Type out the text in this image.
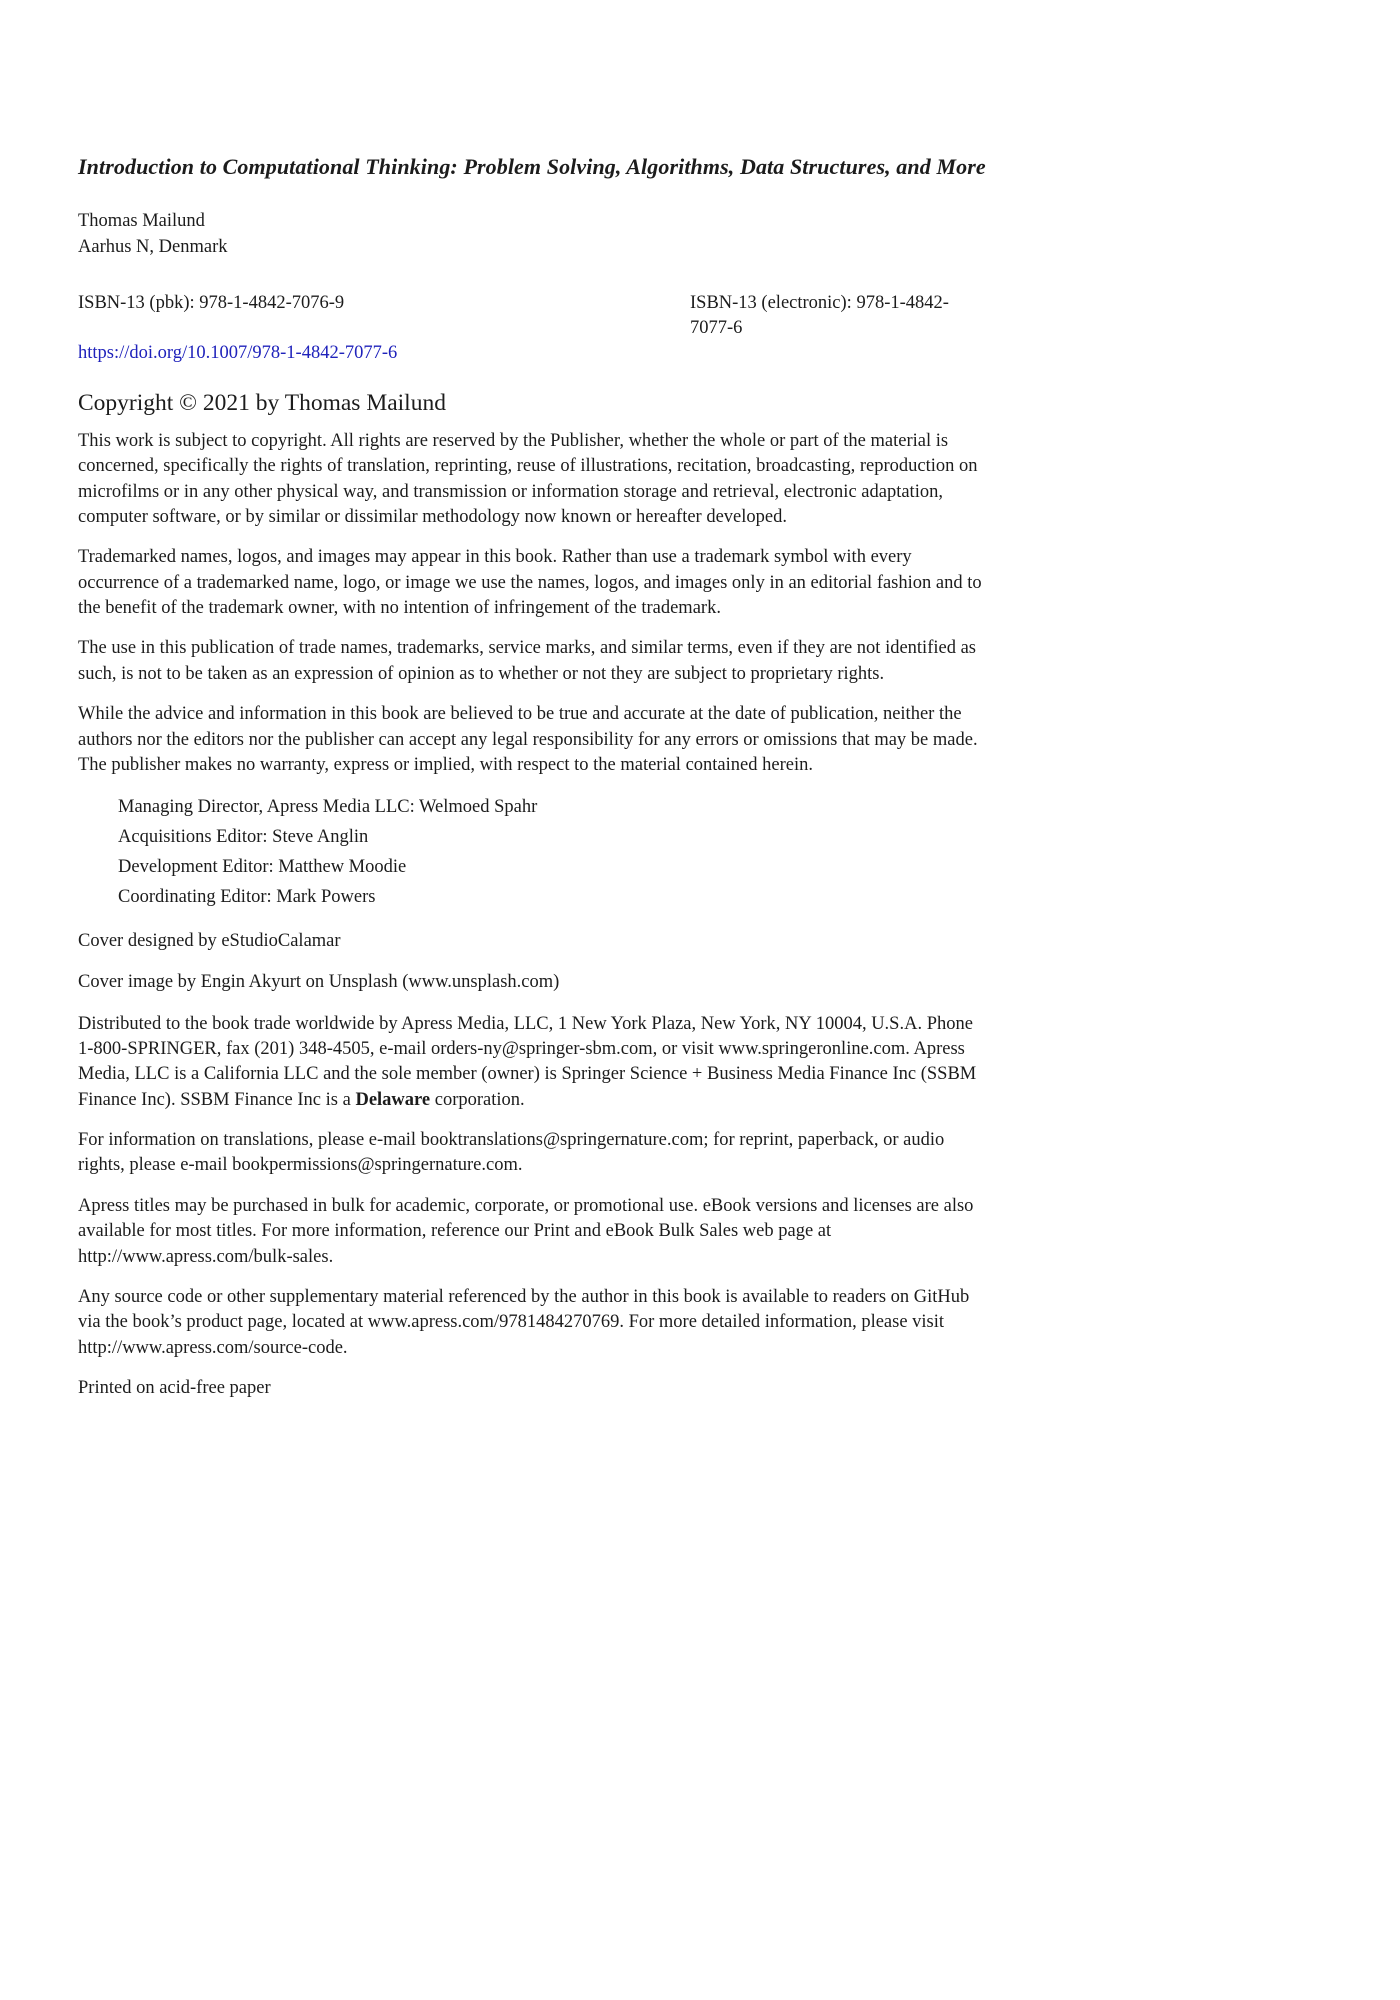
Introduction to Computational Thinking: Problem Solving, Algorithms, Data Structures, and More
Thomas Mailund
Aarhus N, Denmark
ISBN-13 (pbk): 978-1-4842-7076-9	ISBN-13 (electronic): 978-1-4842-7077-6
https://doi.org/10.1007/978-1-4842-7077-6
Copyright © 2021 by Thomas Mailund

This work is subject to copyright. All rights are reserved by the Publisher, whether the whole or part of the material is concerned, specifically the rights of translation, reprinting, reuse of illustrations, recitation, broadcasting, reproduction on microfilms or in any other physical way, and transmission or information storage and retrieval, electronic adaptation, computer software, or by similar or dissimilar methodology now known or hereafter developed.

Trademarked names, logos, and images may appear in this book. Rather than use a trademark symbol with every occurrence of a trademarked name, logo, or image we use the names, logos, and images only in an editorial fashion and to the benefit of the trademark owner, with no intention of infringement of the trademark.

The use in this publication of trade names, trademarks, service marks, and similar terms, even if they are not identified as such, is not to be taken as an expression of opinion as to whether or not they are subject to proprietary rights.

While the advice and information in this book are believed to be true and accurate at the date of publication, neither the authors nor the editors nor the publisher can accept any legal responsibility for any errors or omissions that may be made. The publisher makes no warranty, express or implied, with respect to the material contained herein.

Managing Director, Apress Media LLC: Welmoed Spahr
Acquisitions Editor: Steve Anglin
Development Editor: Matthew Moodie
Coordinating Editor: Mark Powers

Cover designed by eStudioCalamar

Cover image by Engin Akyurt on Unsplash (www.unsplash.com)

Distributed to the book trade worldwide by Apress Media, LLC, 1 New York Plaza, New York, NY 10004, U.S.A. Phone 1-800-SPRINGER, fax (201) 348-4505, e-mail orders-ny@springer-sbm.com, or visit www.springeronline.com. Apress Media, LLC is a California LLC and the sole member (owner) is Springer Science + Business Media Finance Inc (SSBM Finance Inc). SSBM Finance Inc is a Delaware corporation.

For information on translations, please e-mail booktranslations@springernature.com; for reprint, paperback, or audio rights, please e-mail bookpermissions@springernature.com.

Apress titles may be purchased in bulk for academic, corporate, or promotional use. eBook versions and licenses are also available for most titles. For more information, reference our Print and eBook Bulk Sales web page at http://www.apress.com/bulk-sales.

Any source code or other supplementary material referenced by the author in this book is available to readers on GitHub via the book’s product page, located at www.apress.com/9781484270769. For more detailed information, please visit http://www.apress.com/source-code.

Printed on acid-free paper
